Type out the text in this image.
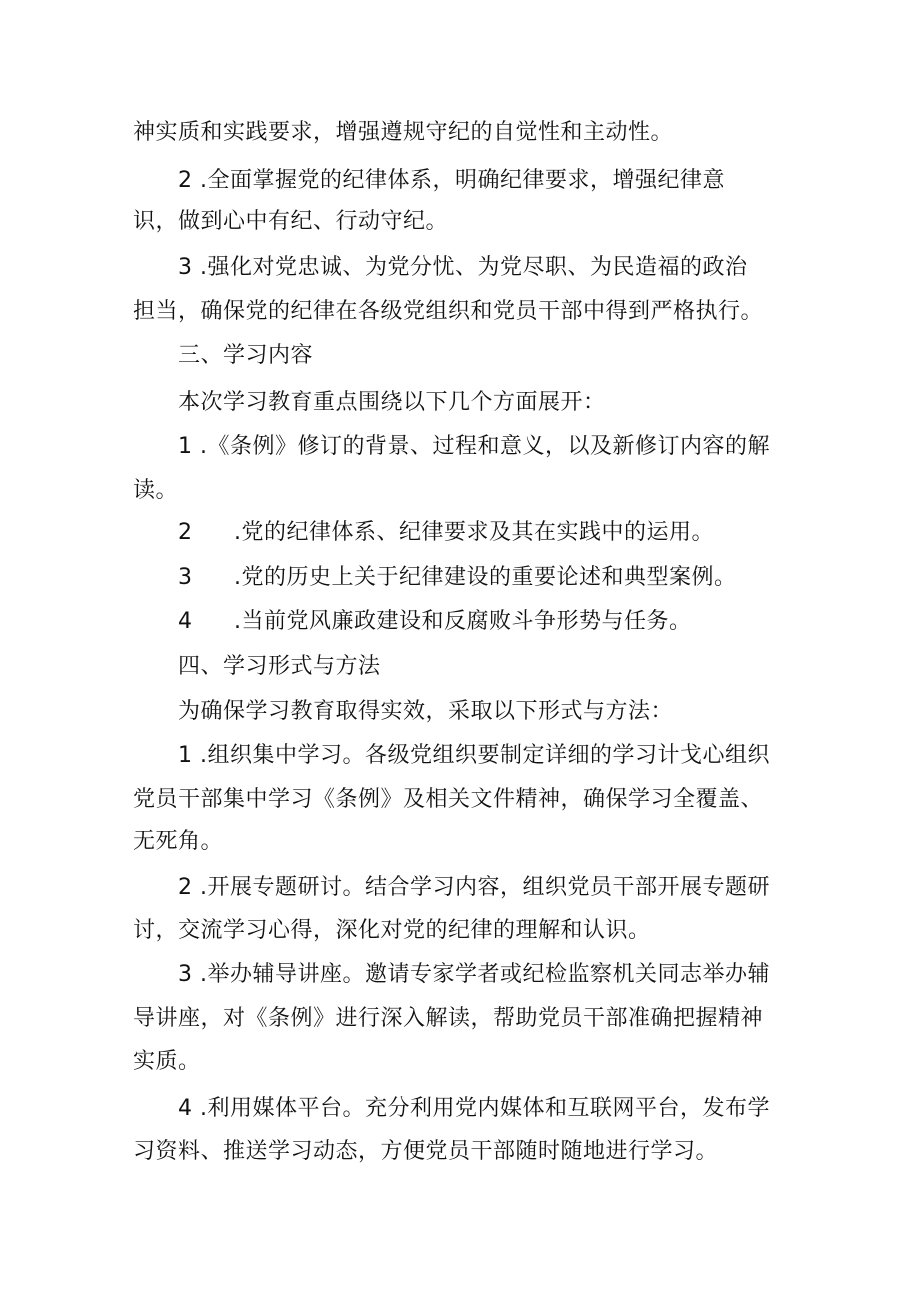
神实质和实践要求，增强遵规守纪的自觉性和主动性。
2 .全面掌握党的纪律体系，明确纪律要求，增强纪律意
识，做到心中有纪、行动守纪。
3 .强化对党忠诚、为党分忧、为党尽职、为民造福的政治
担当，确保党的纪律在各级党组织和党员干部中得到严格执行。
三、学习内容
本次学习教育重点围绕以下几个方面展开：
1 .《条例》修订的背景、过程和意义，以及新修订内容的解
读。
2 .党的纪律体系、纪律要求及其在实践中的运用。
3 .党的历史上关于纪律建设的重要论述和典型案例。
4 .当前党风廉政建设和反腐败斗争形势与任务。
四、学习形式与方法
为确保学习教育取得实效，采取以下形式与方法：
1 .组织集中学习。各级党组织要制定详细的学习计戈心组织
党员干部集中学习《条例》及相关文件精神，确保学习全覆盖、
无死角。
2 .开展专题研讨。结合学习内容，组织党员干部开展专题研
讨，交流学习心得，深化对党的纪律的理解和认识。
3 .举办辅导讲座。邀请专家学者或纪检监察机关同志举办辅
导讲座，对《条例》进行深入解读，帮助党员干部准确把握精神
实质。
4 .利用媒体平台。充分利用党内媒体和互联网平台，发布学
习资料、推送学习动态，方便党员干部随时随地进行学习。
